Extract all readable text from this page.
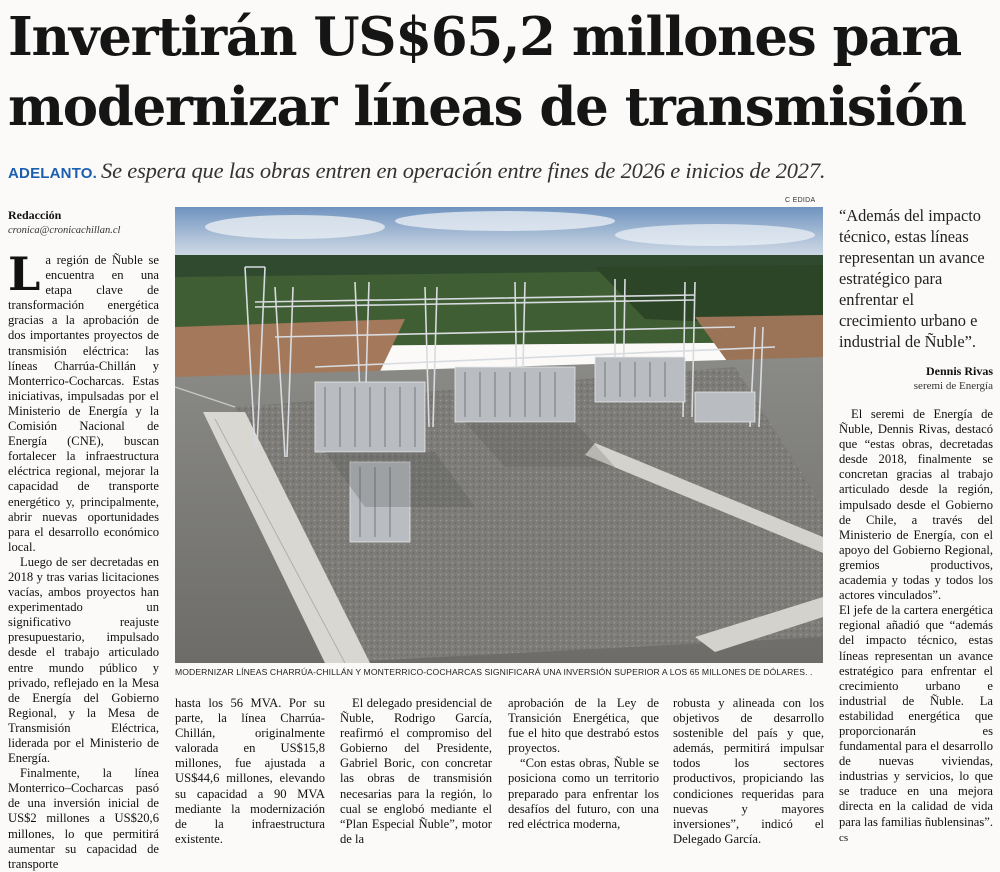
Invertirán US$65,2 millones para
modernizar líneas de transmisión
ADELANTO. Se espera que las obras entren en operación entre fines de 2026 e inicios de 2027.
Redacción
cronica@cronicachillan.cl

La región de Ñuble se encuentra en una etapa clave de transformación energética gracias a la aprobación de dos importantes proyectos de transmisión eléctrica: las líneas Charrúa-Chillán y Monterrico-Cocharcas. Estas iniciativas, impulsadas por el Ministerio de Energía y la Comisión Nacional de Energía (CNE), buscan fortalecer la infraestructura eléctrica regional, mejorar la capacidad de transporte energético y, principalmente, abrir nuevas oportunidades para el desarrollo económico local.

Luego de ser decretadas en 2018 y tras varias licitaciones vacías, ambos proyectos han experimentado un significativo reajuste presupuestario, impulsado desde el trabajo articulado entre mundo público y privado, reflejado en la Mesa de Energía del Gobierno Regional, y la Mesa de Transmisión Eléctrica, liderada por el Ministerio de Energía.

Finalmente, la línea Monterrico–Cocharcas pasó de una inversión inicial de US$2 millones a US$20,6 millones, lo que permitirá aumentar su capacidad de transporte

C EDIDA
MODERNIZAR LÍNEAS CHARRÚA-CHILLÁN Y MONTERRICO-COCHARCAS SIGNIFICARÁ UNA INVERSIÓN SUPERIOR A LOS 65 MILLONES DE DÓLARES. .
“Además del impacto técnico, estas líneas representan un avance estratégico para enfrentar el crecimiento urbano e industrial de Ñuble”.
Dennis Rivas
seremi de Energía

hasta los 56 MVA. Por su parte, la línea Charrúa-Chillán, originalmente valorada en US$15,8 millones, fue ajustada a US$44,6 millones, elevando su capacidad a 90 MVA mediante la modernización de la infraestructura existente.

El delegado presidencial de Ñuble, Rodrigo García, reafirmó el compromiso del Gobierno del Presidente, Gabriel Boric, con concretar las obras de transmisión necesarias para la región, lo cual se englobó mediante el “Plan Especial Ñuble”, motor de la

aprobación de la Ley de Transición Energética, que fue el hito que destrabó estos proyectos.

“Con estas obras, Ñuble se posiciona como un territorio preparado para enfrentar los desafíos del futuro, con una red eléctrica moderna,

robusta y alineada con los objetivos de desarrollo sostenible del país y que, además, permitirá impulsar todos los sectores productivos, propiciando las condiciones requeridas para nuevas y mayores inversiones”, indicó el Delegado García.

El seremi de Energía de Ñuble, Dennis Rivas, destacó que “estas obras, decretadas desde 2018, finalmente se concretan gracias al trabajo articulado desde la región, impulsado desde el Gobierno de Chile, a través del Ministerio de Energía, con el apoyo del Gobierno Regional, gremios productivos, academia y todas y todos los actores vinculados”.

El jefe de la cartera energética regional añadió que “además del impacto técnico, estas líneas representan un avance estratégico para enfrentar el crecimiento urbano e industrial de Ñuble. La estabilidad energética que proporcionarán es fundamental para el desarrollo de nuevas viviendas, industrias y servicios, lo que se traduce en una mejora directa en la calidad de vida para las familias ñublensinas”. cs
